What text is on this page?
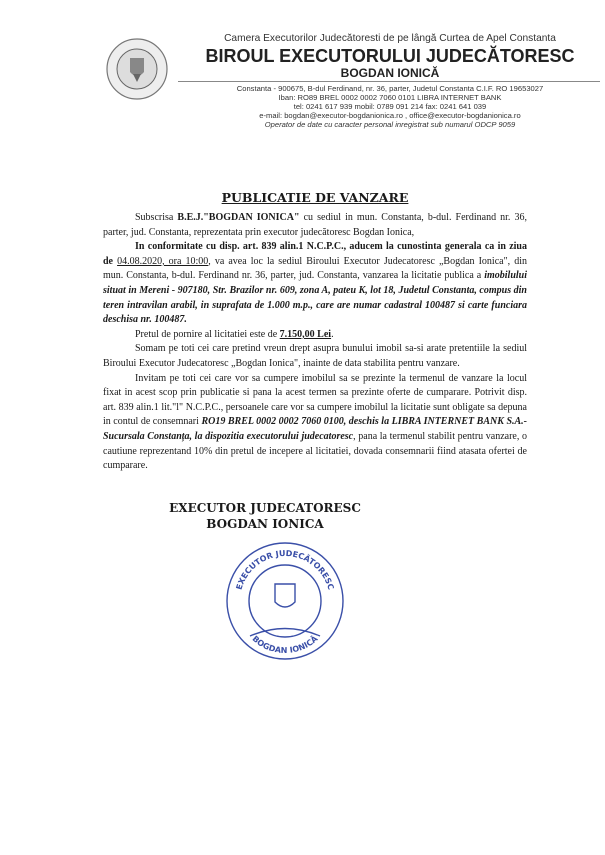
Camera Executorilor Judecătoresti de pe lângă Curtea de Apel Constanta
BIROUL EXECUTORULUI JUDECĂTORESC
BOGDAN IONICĂ
Constanta - 900675, B-dul Ferdinand, nr. 36, parter, Judetul Constanta C.I.F. RO 19653027
Iban: RO89 BREL 0002 0002 7060 0101 LIBRA INTERNET BANK
tel: 0241 617 939 mobil: 0789 091 214 fax: 0241 641 039
e-mail: bogdan@executor-bogdanionica.ro , office@executor-bogdanionica.ro
Operator de date cu caracter personal inregistrat sub numarul ODCP 9059
PUBLICATIE DE VANZARE

Subscrisa B.E.J."BOGDAN IONICA" cu sediul in mun. Constanta, b-dul. Ferdinand nr. 36, parter, jud. Constanta, reprezentata prin executor judecătoresc Bogdan Ionica,

In conformitate cu disp. art. 839 alin.1 N.C.P.C., aducem la cunostinta generala ca in ziua de 04.08.2020, ora 10:00, va avea loc la sediul Biroului Executor Judecatoresc „Bogdan Ionica", din mun. Constanta, b-dul. Ferdinand nr. 36, parter, jud. Constanta, vanzarea la licitatie publica a imobilului situat in Mereni - 907180, Str. Brazilor nr. 609, zona A, pateu K, lot 18, Judetul Constanta, compus din teren intravilan arabil, in suprafata de 1.000 m.p., care are numar cadastral 100487 si carte funciara deschisa nr. 100487.

Pretul de pornire al licitatiei este de 7.150,00 Lei.

Somam pe toti cei care pretind vreun drept asupra bunului imobil sa-si arate pretentiile la sediul Biroului Executor Judecatoresc „Bogdan Ionica", inainte de data stabilita pentru vanzare.

Invitam pe toti cei care vor sa cumpere imobilul sa se prezinte la termenul de vanzare la locul fixat in acest scop prin publicatie si pana la acest termen sa prezinte oferte de cumparare. Potrivit disp. art. 839 alin.1 lit."l" N.C.P.C., persoanele care vor sa cumpere imobilul la licitatie sunt obligate sa depuna in contul de consemnari RO19 BREL 0002 0002 7060 0100, deschis la LIBRA INTERNET BANK S.A.-Sucursala Constanța, la dispozitia executorului judecatoresc, pana la termenul stabilit pentru vanzare, o cautiune reprezentand 10% din pretul de incepere al licitatiei, dovada consemnarii fiind atasata ofertei de cumparare.

EXECUTOR JUDECATORESC
BOGDAN IONICA
EXECUTOR JUDECĂTORESC
BOGDAN IONICĂ
